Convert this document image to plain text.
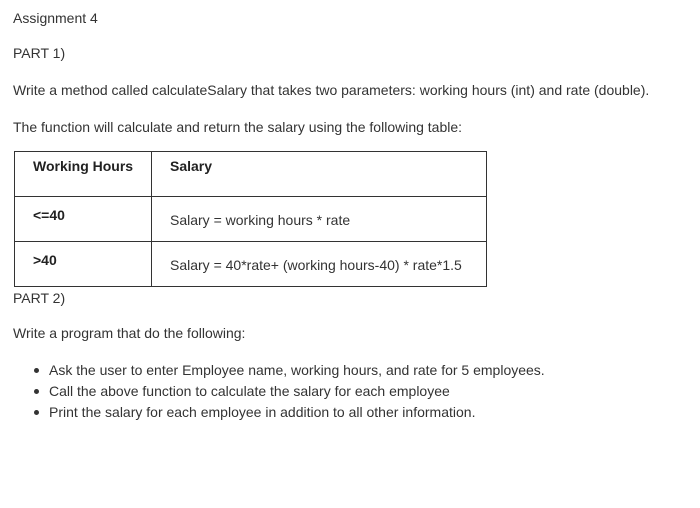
Assignment 4
PART 1)
Write a method called calculateSalary that takes two parameters: working hours (int) and rate (double).
The function will calculate and return the salary using the following table:
Working Hours	Salary

<=40	Salary = working hours * rate

>40	Salary = 40*rate+ (working hours-40) * rate*1.5
PART 2)
Write a program that do the following:
Ask the user to enter Employee name, working hours, and rate for 5 employees.
Call the above function to calculate the salary for each employee
Print the salary for each employee in addition to all other information.
